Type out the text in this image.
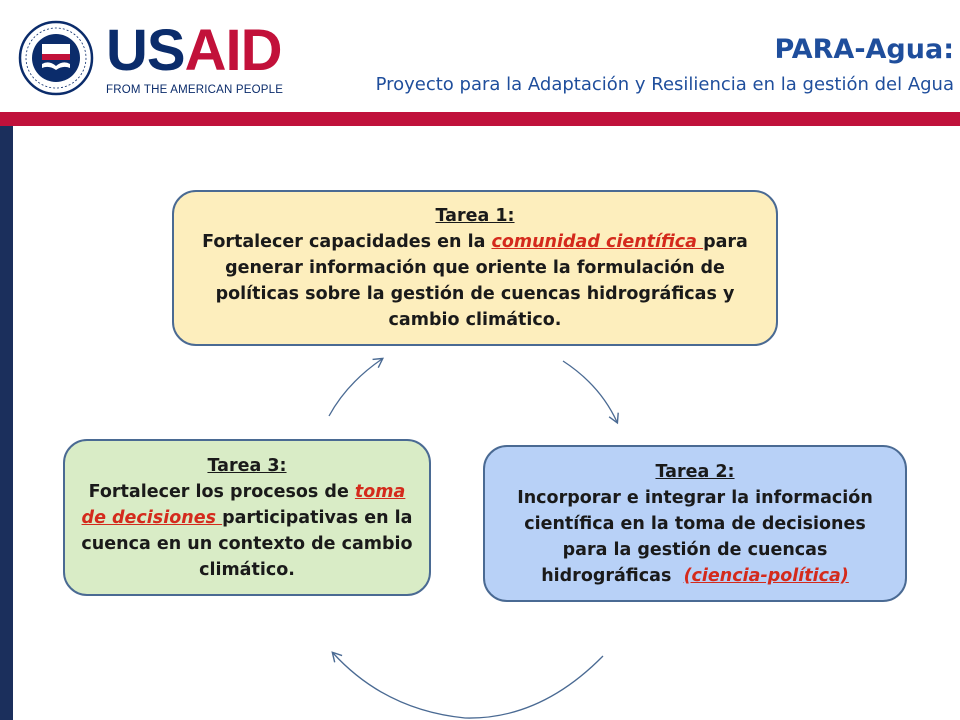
USAID
FROM THE AMERICAN PEOPLE
PARA-Agua:
Proyecto para la Adaptación y Resiliencia en la gestión del Agua
Tarea 1:
Fortalecer capacidades en la comunidad científica para generar información que oriente la formulación de políticas sobre la gestión de cuencas hidrográficas y cambio climático.
Tarea 2:
Incorporar e integrar la información científica en la toma de decisiones para la gestión de cuencas hidrográficas  (ciencia-política)
Tarea 3:
Fortalecer los procesos de toma de decisiones participativas en la cuenca en un contexto de cambio climático.
